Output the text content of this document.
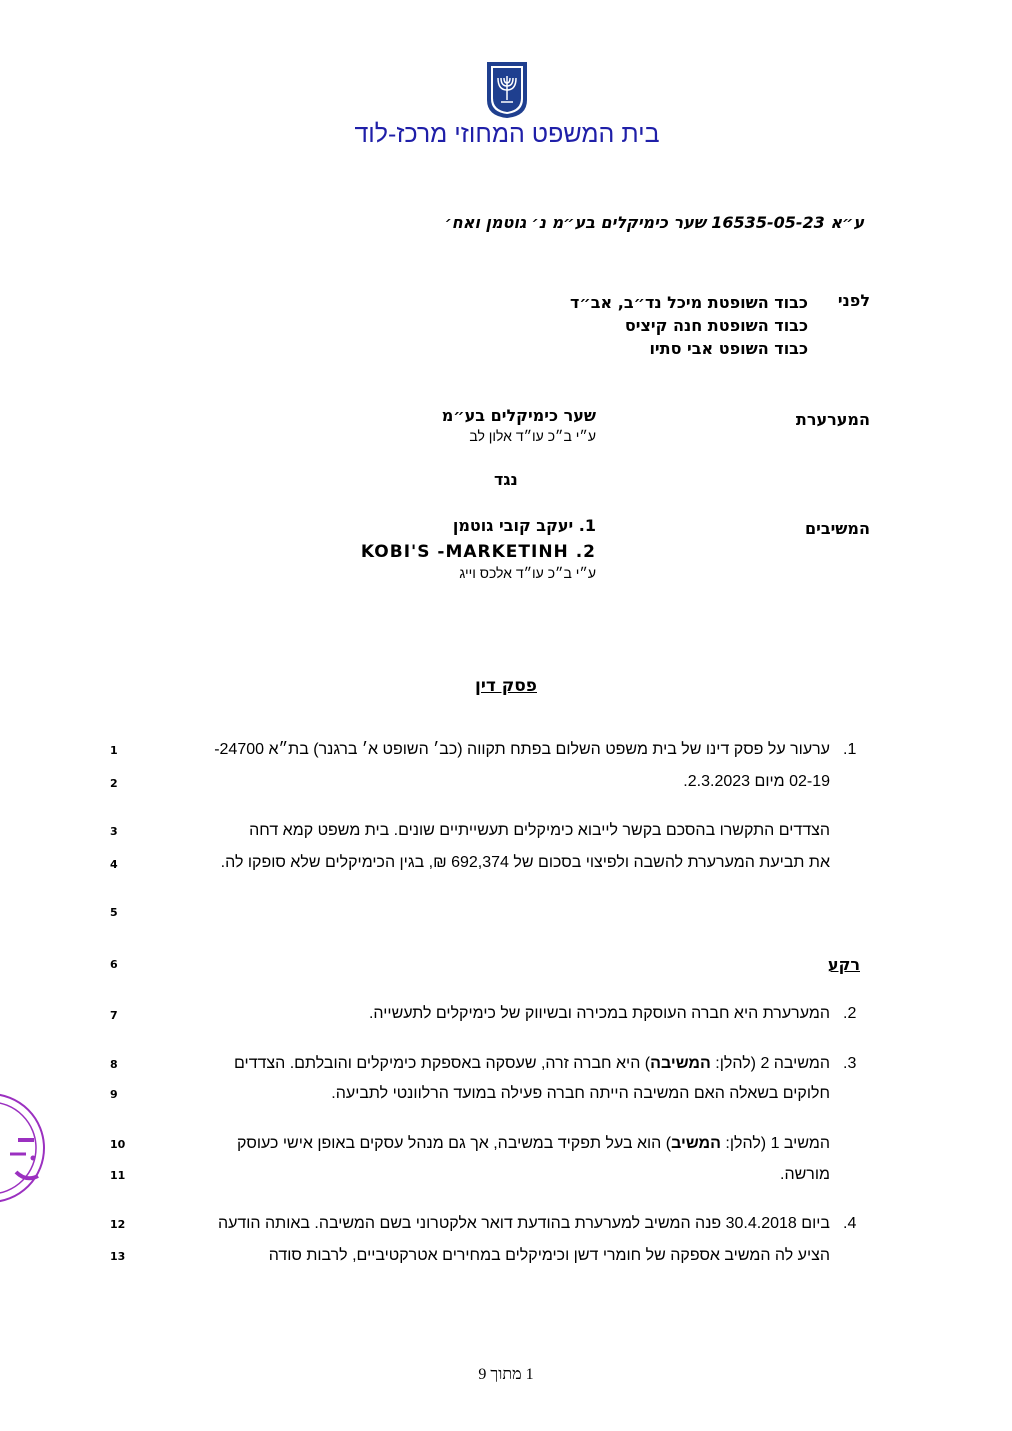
בית המשפט המחוזי מרכז-לוד
ע״א 16535-05-23 שער כימיקלים בע״מ נ׳ גוטמן ואח׳
לפני
כבוד השופטת מיכל נד״ב, אב״ד
כבוד השופטת חנה קיציס
כבוד השופט אבי סתיו
המערערת
שער כימיקלים בע״מ
ע״י ב״כ עו״ד אלון לב
נגד
המשיבים
1. יעקב קובי גוטמן
KOBI'S -MARKETINH .2
ע״י ב״כ עו״ד אלכס וייג
פסק דין
1
2
3
4
5
6
7
8
9
10
11
12
13
.1
ערעור על פסק דינו של בית משפט השלום בפתח תקווה (כב׳ השופט א׳ ברגנר) בת״א 24700-
02-19 מיום 2.3.2023.
הצדדים התקשרו בהסכם בקשר לייבוא כימיקלים תעשייתיים שונים. בית משפט קמא דחה
את תביעת המערערת להשבה ולפיצוי בסכום של 692,374 ₪, בגין הכימיקלים שלא סופקו לה.
רקע
.2
המערערת היא חברה העוסקת במכירה ובשיווק של כימיקלים לתעשייה.
.3
המשיבה 2 (להלן: המשיבה) היא חברה זרה, שעסקה באספקת כימיקלים והובלתם. הצדדים
חלוקים בשאלה האם המשיבה הייתה חברה פעילה במועד הרלוונטי לתביעה.
המשיב 1 (להלן: המשיב) הוא בעל תפקיד במשיבה, אך גם מנהל עסקים באופן אישי כעוסק
מורשה.
.4
ביום 30.4.2018 פנה המשיב למערערת בהודעת דואר אלקטרוני בשם המשיבה. באותה הודעה
הציע לה המשיב אספקה של חומרי דשן וכימיקלים במחירים אטרקטיביים, לרבות סודה
1 מתוך 9
